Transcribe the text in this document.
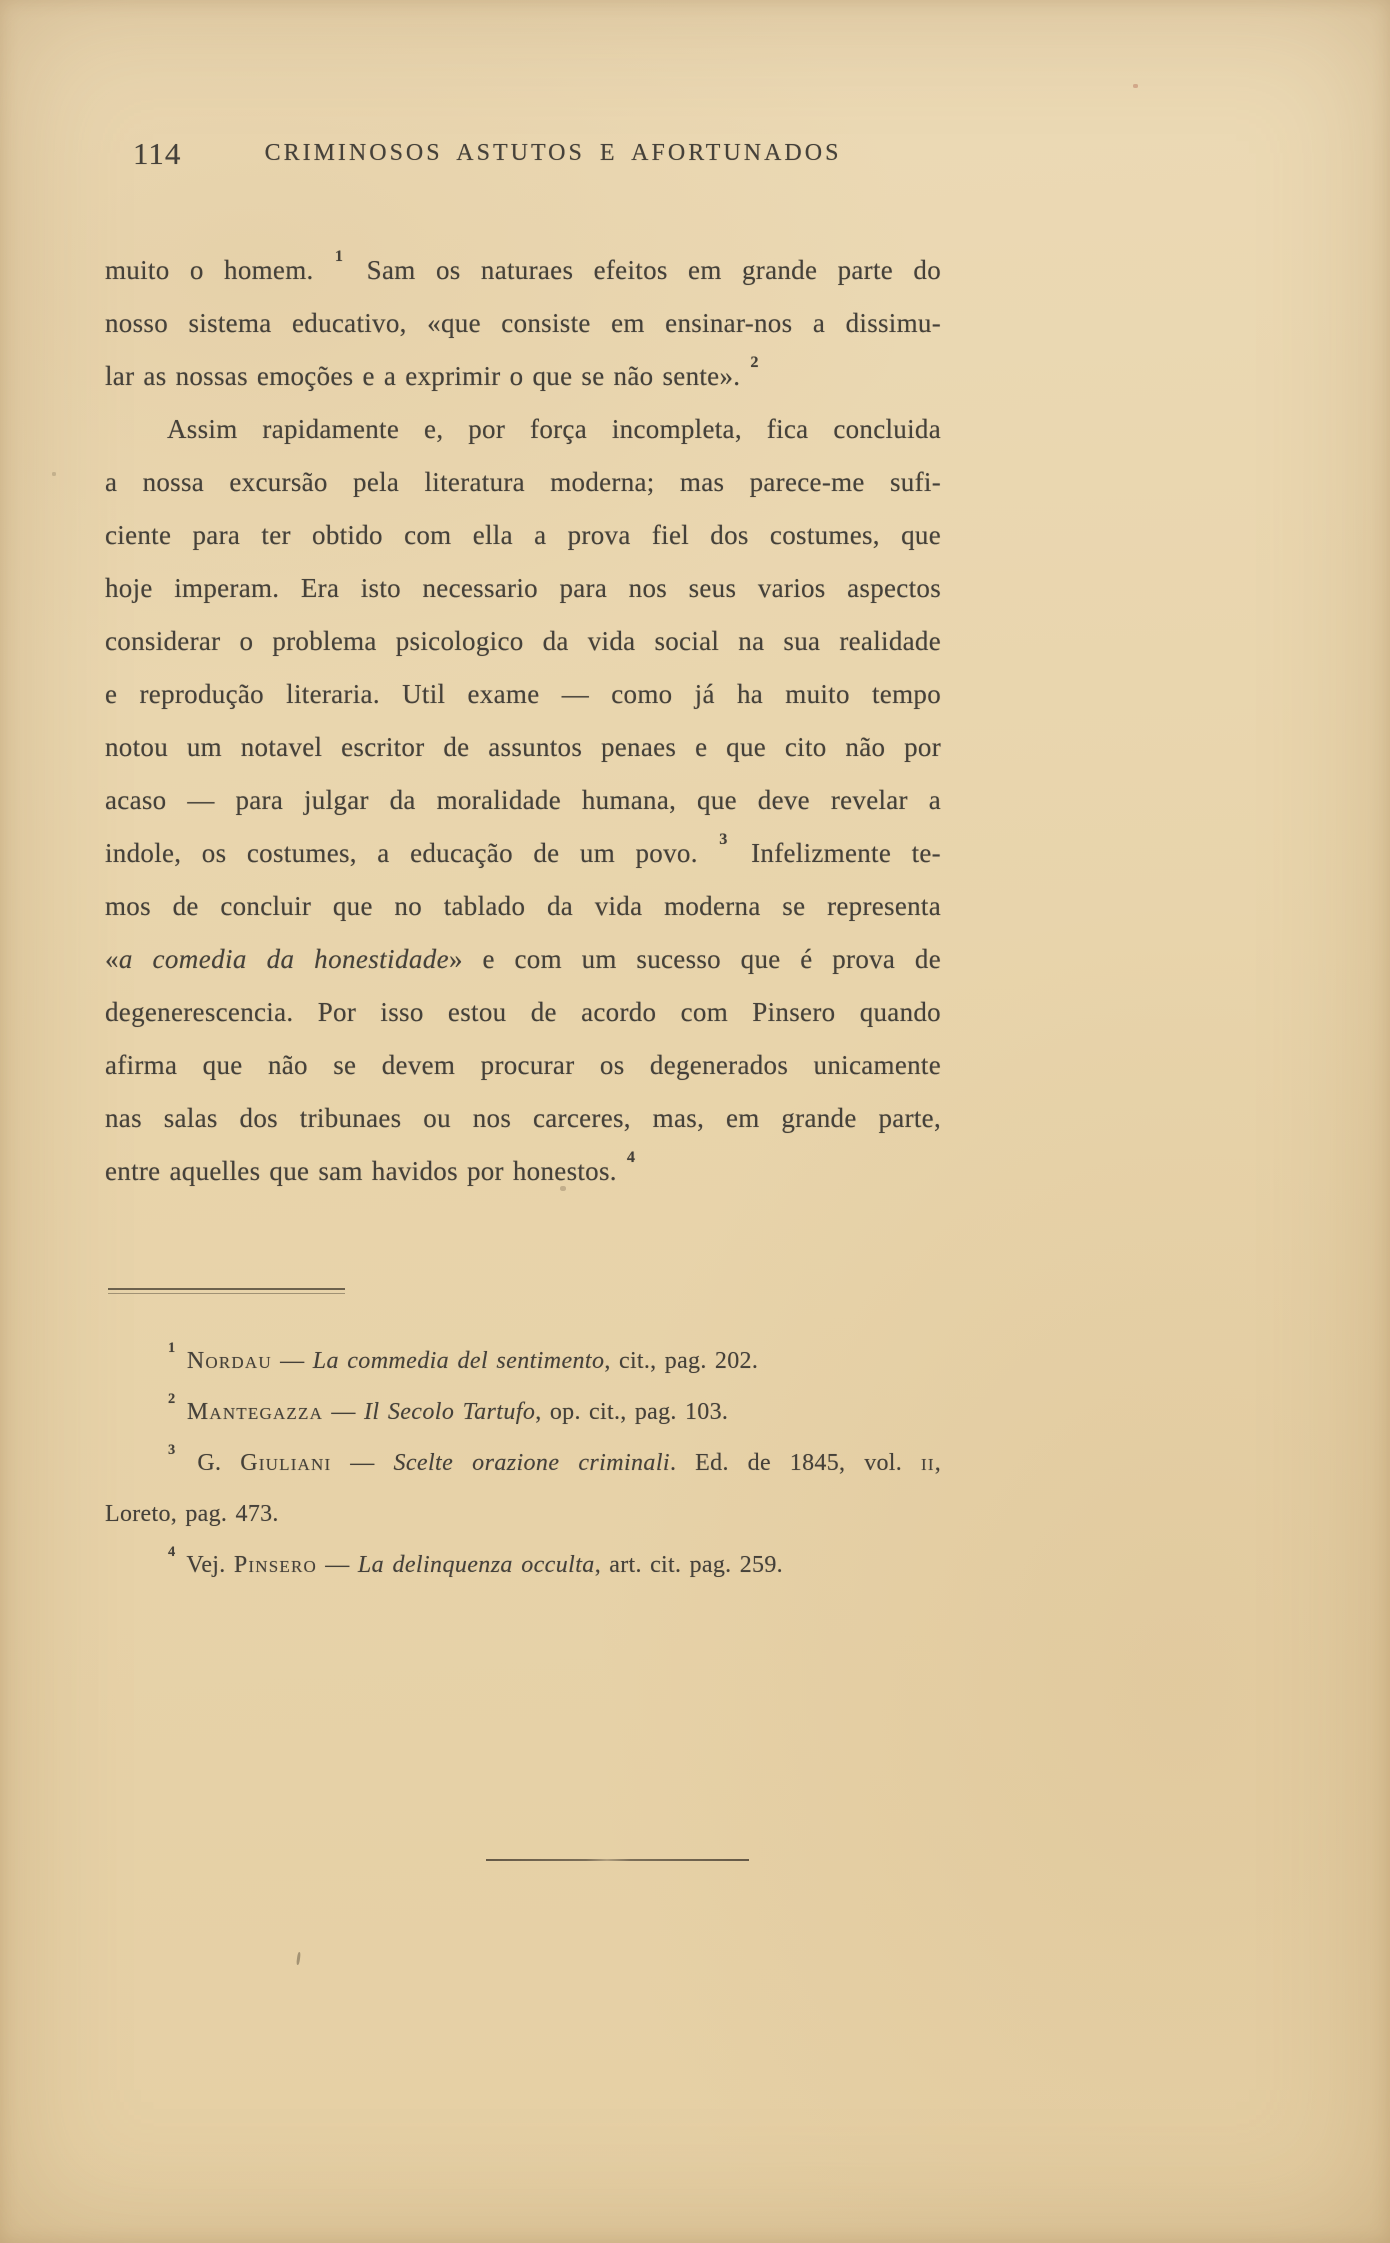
114	CRIMINOSOS ASTUTOS E AFORTUNADOS
muito o homem. $^1$ Sam os naturaes efeitos em grande parte do
nosso sistema educativo, «que consiste em ensinar-nos a dissimu-
lar as nossas emoções e a exprimir o que se não sente». $^2$
Assim rapidamente e, por força incompleta, fica concluida
a nossa excursão pela literatura moderna; mas parece-me sufi-
ciente para ter obtido com ella a prova fiel dos costumes, que
hoje imperam. Era isto necessario para nos seus varios aspectos
considerar o problema psicologico da vida social na sua realidade
e reprodução literaria. Util exame — como já ha muito tempo
notou um notavel escritor de assuntos penaes e que cito não por
acaso — para julgar da moralidade humana, que deve revelar a
indole, os costumes, a educação de um povo. $^3$ Infelizmente te-
mos de concluir que no tablado da vida moderna se representa
«a comedia da honestidade» e com um sucesso que é prova de
degenerescencia. Por isso estou de acordo com Pinsero quando
afirma que não se devem procurar os degenerados unicamente
nas salas dos tribunaes ou nos carceres, mas, em grande parte,
entre aquelles que sam havidos por honestos. $^4$
$^1$ Nordau — La commedia del sentimento, cit., pag. 202.
$^2$ Mantegazza — Il Secolo Tartufo, op. cit., pag. 103.
$^3$ G. Giuliani — Scelte orazione criminali. Ed. de 1845, vol. ii,
Loreto, pag. 473.
$^4$ Vej. Pinsero — La delinquenza occulta, art. cit. pag. 259.
